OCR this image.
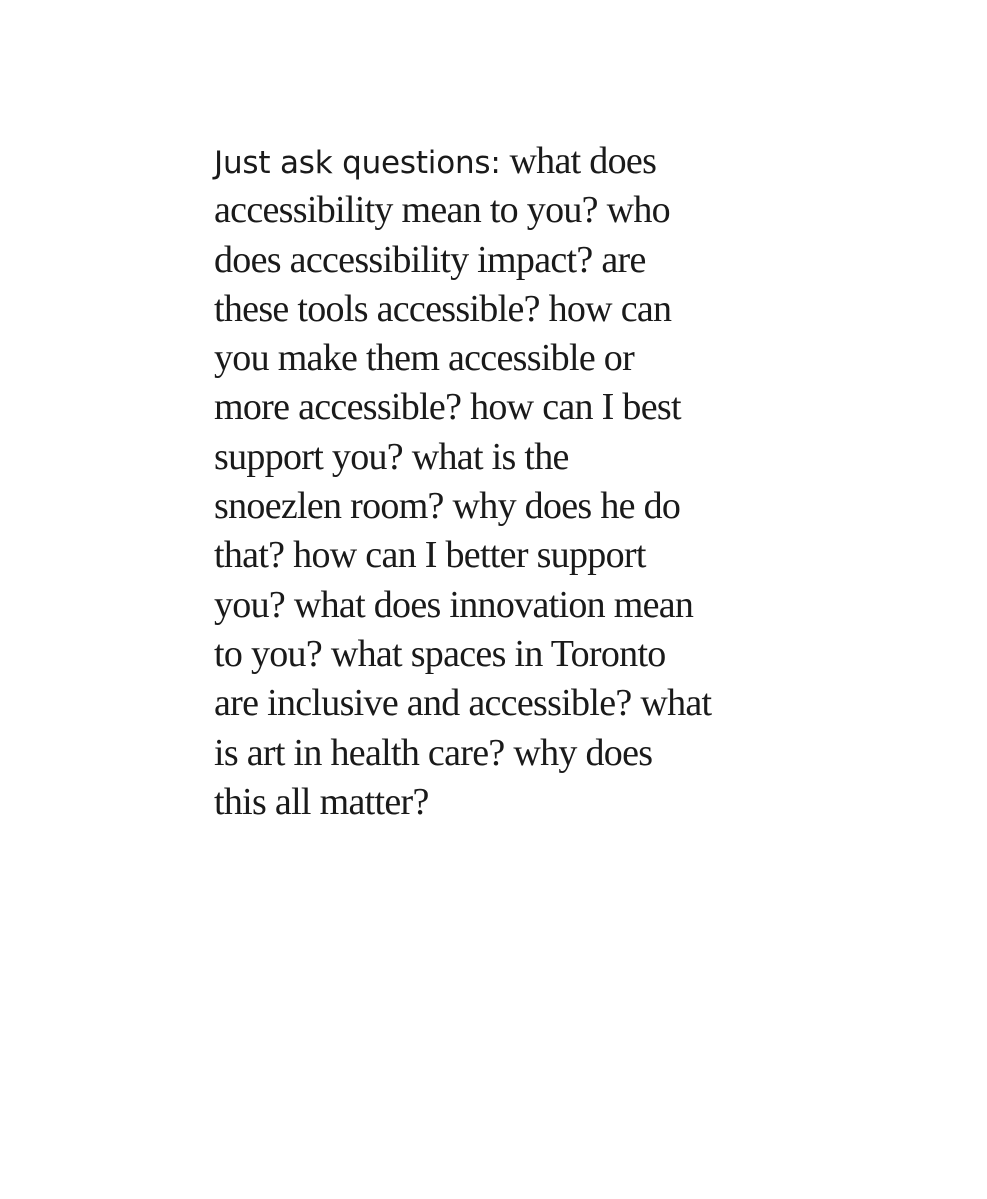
Just ask questions: what does
accessibility mean to you? who
does accessibility impact? are
these tools accessible? how can
you make them accessible or
more accessible? how can I best
support you? what is the
snoezlen room? why does he do
that? how can I better support
you? what does innovation mean
to you? what spaces in Toronto
are inclusive and accessible? what
is art in health care? why does
this all matter?
